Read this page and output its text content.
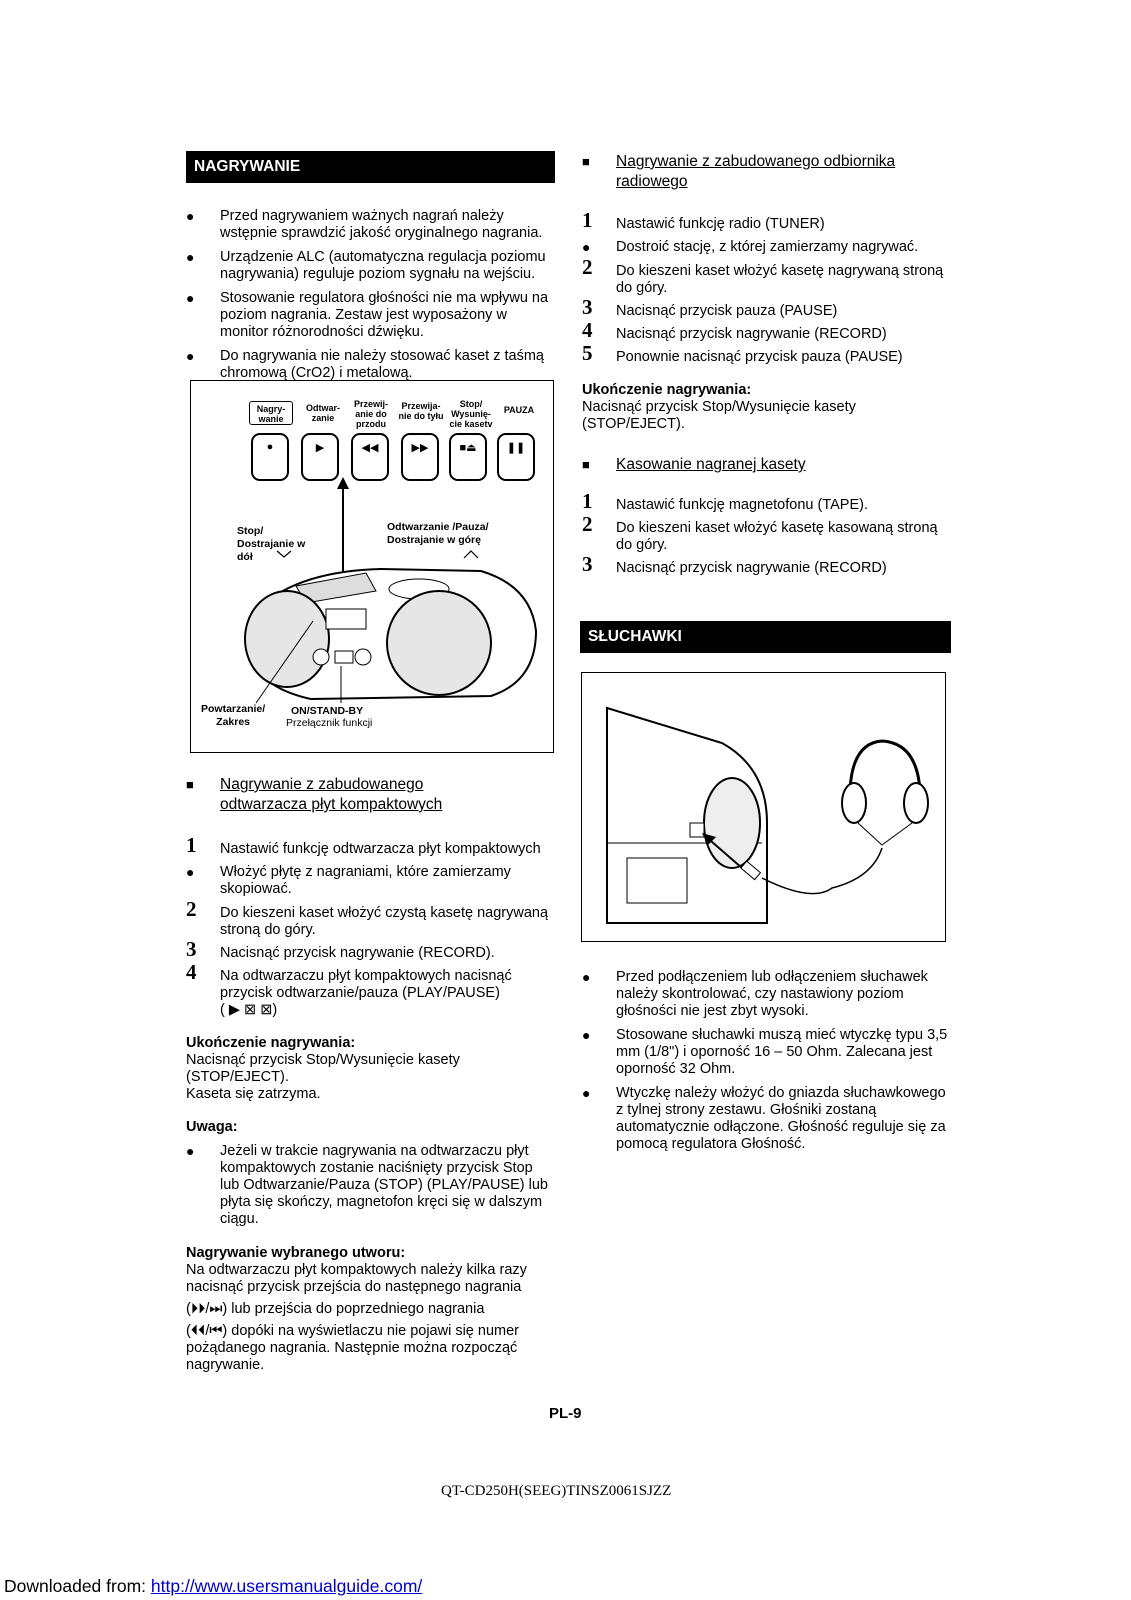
NAGRYWANIE
● Przed nagrywaniem ważnych nagrań należy wstępnie sprawdzić jakość oryginalnego nagrania.
● Urządzenie ALC (automatyczna regulacja poziomu nagrywania) reguluje poziom sygnału na wejściu.
● Stosowanie regulatora głośności nie ma wpływu na poziom nagrania. Zestaw jest wyposażony w monitor różnorodności dźwięku.
● Do nagrywania nie należy stosować kaset z taśmą chromową (CrO2) i metalową.
Nagry- wanie
Odtwar-
zanie
Przewij-
anie do
przodu
Przewija-
nie do tyłu
Stop/
Wysunię-
cie kasetv
PAUZA
●	▶	◀◀	▶▶	■⏏	❚❚
Stop/
Dostrajanie w
dół
Odtwarzanie /Pauza/
Dostrajanie w górę
Powtarzanie/
Zakres
ON/STAND-BY
Przełącznik funkcji
■ Nagrywanie z zabudowanego
odtwarzacza płyt kompaktowych
1 Nastawić funkcję odtwarzacza płyt kompaktowych
● Włożyć płytę z nagraniami, które zamierzamy skopiować.
2 Do kieszeni kaset włożyć czystą kasetę nagrywaną stroną do góry.
3 Nacisnąć przycisk nagrywanie (RECORD).
4 Na odtwarzaczu płyt kompaktowych nacisnąć przycisk odtwarzanie/pauza (PLAY/PAUSE)
( ▶ ⊠ ⊠)
Ukończenie nagrywania:
Nacisnąć przycisk Stop/Wysunięcie kasety (STOP/EJECT).
Kaseta się zatrzyma.
Uwaga:
● Jeżeli w trakcie nagrywania na odtwarzaczu płyt kompaktowych zostanie naciśnięty przycisk Stop lub Odtwarzanie/Pauza (STOP) (PLAY/PAUSE) lub płyta się skończy, magnetofon kręci się w dalszym ciągu.
Nagrywanie wybranego utworu:
Na odtwarzaczu płyt kompaktowych należy kilka razy nacisnąć przycisk przejścia do następnego nagrania
(⏵⏵/⏭) lub przejścia do poprzedniego nagrania
(⏴⏴/⏮) dopóki na wyświetlaczu nie pojawi się numer pożądanego nagrania. Następnie można rozpocząć nagrywanie.
■ Nagrywanie z zabudowanego odbiornika
radiowego
1 Nastawić funkcję radio (TUNER)
● Dostroić stację, z której zamierzamy nagrywać.
2 Do kieszeni kaset włożyć kasetę nagrywaną stroną do góry.
3 Nacisnąć przycisk pauza (PAUSE)
4 Nacisnąć przycisk nagrywanie (RECORD)
5 Ponownie nacisnąć przycisk pauza (PAUSE)
Ukończenie nagrywania:
Nacisnąć przycisk Stop/Wysunięcie kasety (STOP/EJECT).
■ Kasowanie nagranej kasety
1 Nastawić funkcję magnetofonu (TAPE).
2 Do kieszeni kaset włożyć kasetę kasowaną stroną do góry.
3 Nacisnąć przycisk nagrywanie (RECORD)
SŁUCHAWKI
● Przed podłączeniem lub odłączeniem słuchawek należy skontrolować, czy nastawiony poziom głośności nie jest zbyt wysoki.
● Stosowane słuchawki muszą mieć wtyczkę typu 3,5 mm (1/8") i oporność 16 – 50 Ohm. Zalecana jest oporność 32 Ohm.
● Wtyczkę należy włożyć do gniazda słuchawkowego z tylnej strony zestawu. Głośniki zostaną automatycznie odłączone. Głośność reguluje się za pomocą regulatora Głośność.
PL-9
QT-CD250H(SEEG)TINSZ0061SJZZ
Downloaded from: http://www.usersmanualguide.com/
